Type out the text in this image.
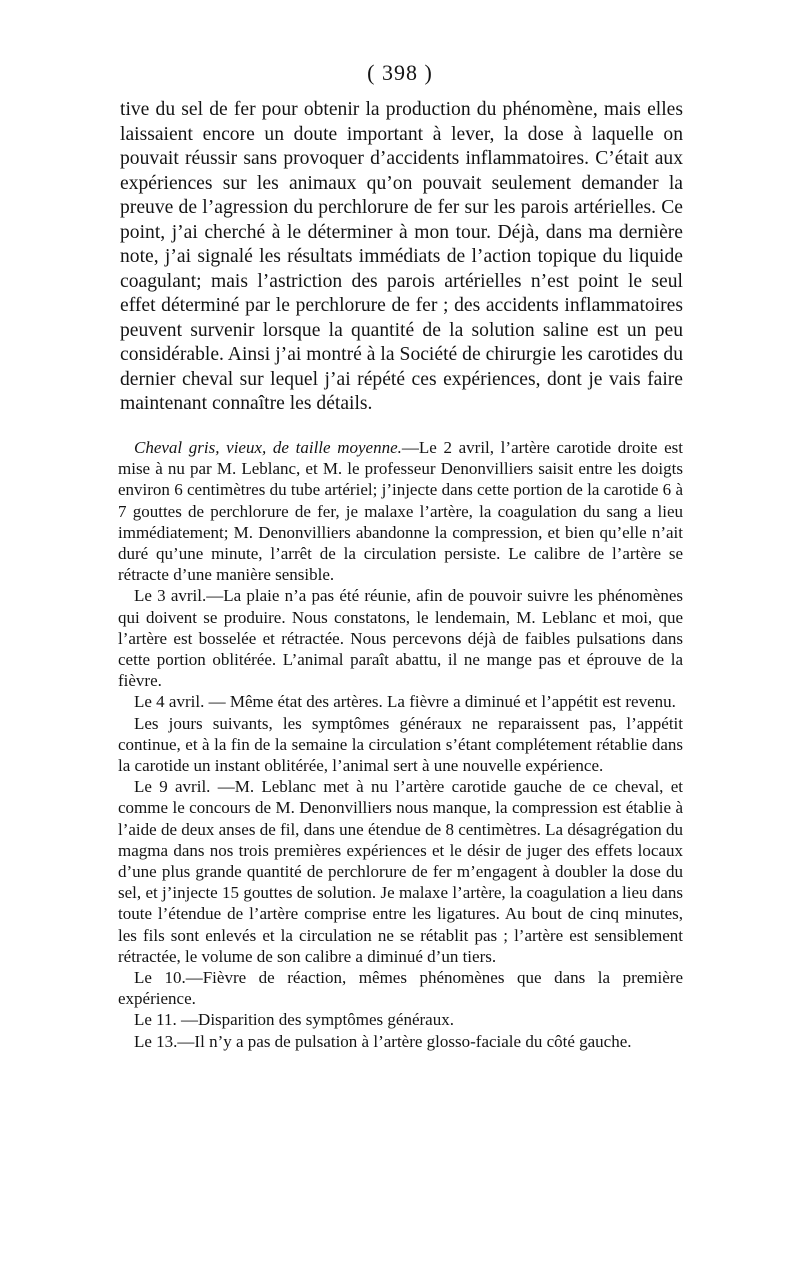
( 398 )

tive du sel de fer pour obtenir la production du phénomène, mais elles laissaient encore un doute important à lever, la dose à laquelle on pouvait réussir sans provoquer d’accidents inflammatoires. C’était aux expériences sur les animaux qu’on pouvait seulement demander la preuve de l’agression du perchlorure de fer sur les parois artérielles. Ce point, j’ai cherché à le déterminer à mon tour. Déjà, dans ma dernière note, j’ai signalé les résultats immédiats de l’action topique du liquide coagulant; mais l’astriction des parois artérielles n’est point le seul effet déterminé par le perchlorure de fer ; des accidents inflammatoires peuvent survenir lorsque la quantité de la solution saline est un peu considérable. Ainsi j’ai montré à la Société de chirurgie les carotides du dernier cheval sur lequel j’ai répété ces expériences, dont je vais faire maintenant connaître les détails.

Cheval gris, vieux, de taille moyenne.—Le 2 avril, l’artère carotide droite est mise à nu par M. Leblanc, et M. le professeur Denonvilliers saisit entre les doigts environ 6 centimètres du tube artériel; j’injecte dans cette portion de la carotide 6 à 7 gouttes de perchlorure de fer, je malaxe l’artère, la coagulation du sang a lieu immédiatement; M. Denonvilliers abandonne la compression, et bien qu’elle n’ait duré qu’une minute, l’arrêt de la circulation persiste. Le calibre de l’artère se rétracte d’une manière sensible.

Le 3 avril.—La plaie n’a pas été réunie, afin de pouvoir suivre les phénomènes qui doivent se produire. Nous constatons, le lendemain, M. Leblanc et moi, que l’artère est bosselée et rétractée. Nous percevons déjà de faibles pulsations dans cette portion oblitérée. L’animal paraît abattu, il ne mange pas et éprouve de la fièvre.

Le 4 avril. — Même état des artères. La fièvre a diminué et l’appétit est revenu.

Les jours suivants, les symptômes généraux ne reparaissent pas, l’appétit continue, et à la fin de la semaine la circulation s’étant complétement rétablie dans la carotide un instant oblitérée, l’animal sert à une nouvelle expérience.

Le 9 avril. —M. Leblanc met à nu l’artère carotide gauche de ce cheval, et comme le concours de M. Denonvilliers nous manque, la compression est établie à l’aide de deux anses de fil, dans une étendue de 8 centimètres. La désagrégation du magma dans nos trois premières expériences et le désir de juger des effets locaux d’une plus grande quantité de perchlorure de fer m’engagent à doubler la dose du sel, et j’injecte 15 gouttes de solution. Je malaxe l’artère, la coagulation a lieu dans toute l’étendue de l’artère comprise entre les ligatures. Au bout de cinq minutes, les fils sont enlevés et la circulation ne se rétablit pas ; l’artère est sensiblement rétractée, le volume de son calibre a diminué d’un tiers.

Le 10.—Fièvre de réaction, mêmes phénomènes que dans la première expérience.

Le 11. —Disparition des symptômes généraux.

Le 13.—Il n’y a pas de pulsation à l’artère glosso-faciale du côté gauche.
